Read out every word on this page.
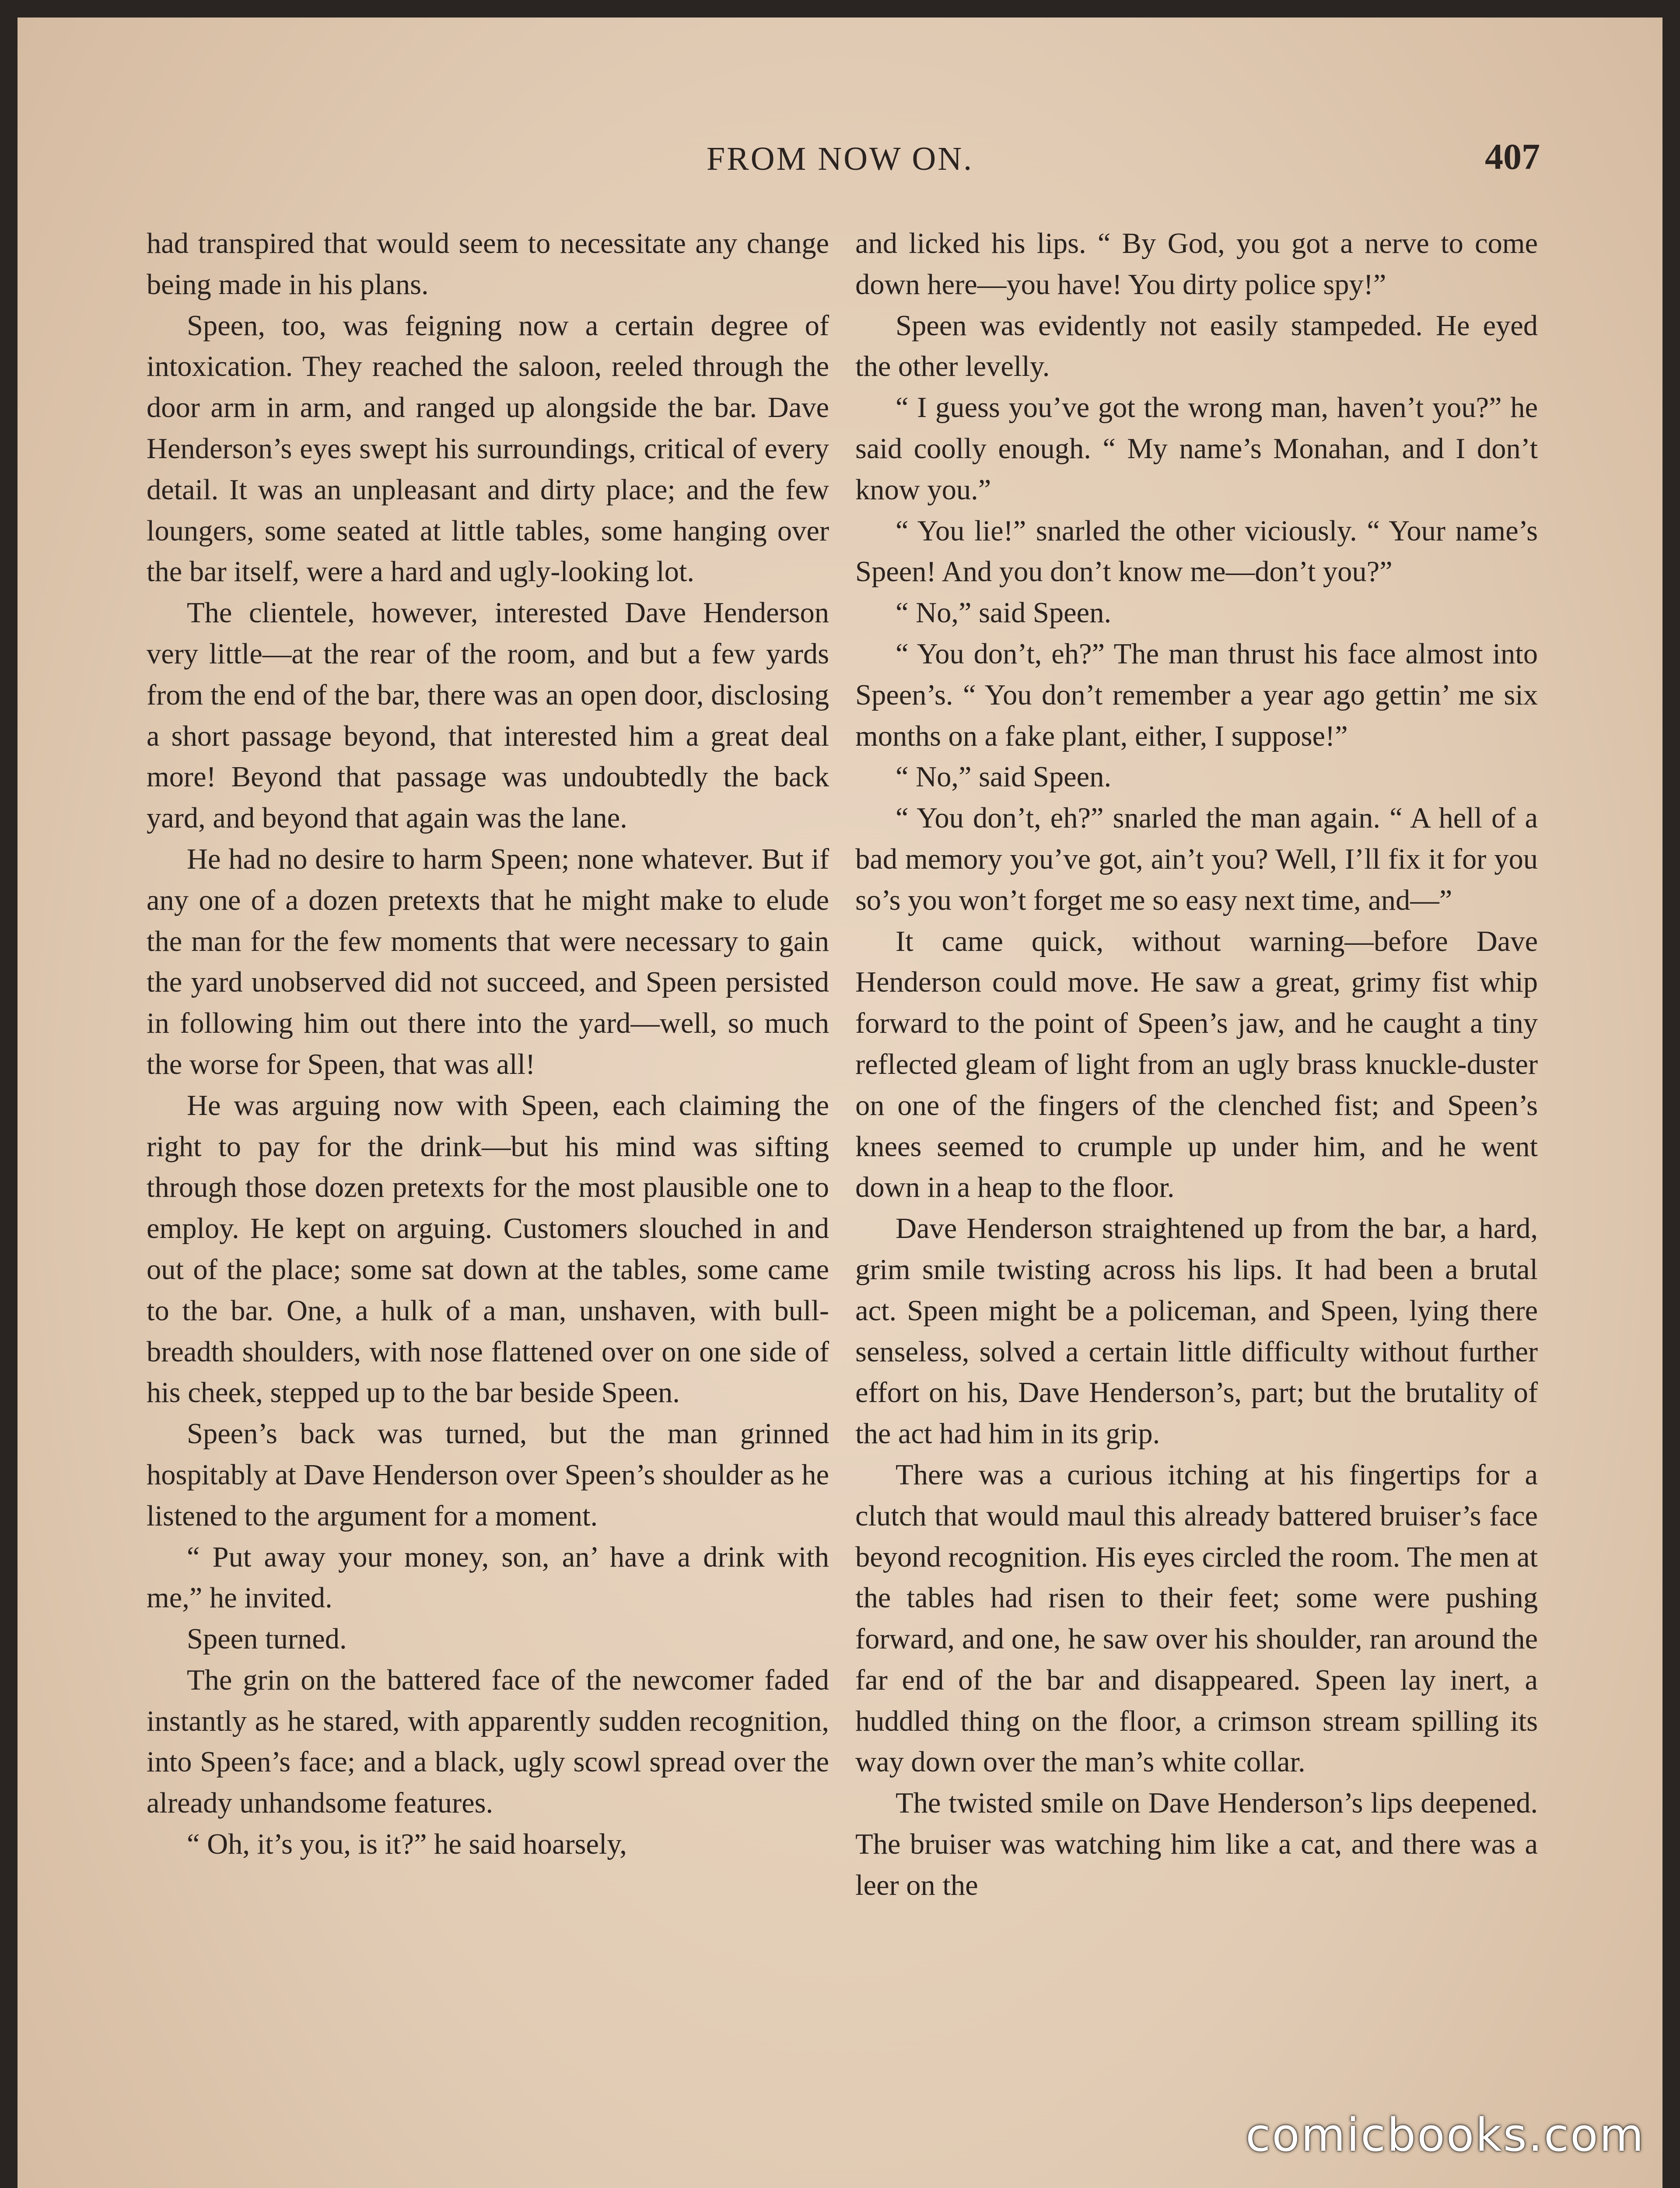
FROM NOW ON.	407

had transpired that would seem to necessitate any change being made in his plans.

Speen, too, was feigning now a certain degree of intoxication. They reached the saloon, reeled through the door arm in arm, and ranged up alongside the bar. Dave Henderson’s eyes swept his surroundings, critical of every detail. It was an unpleasant and dirty place; and the few loungers, some seated at little tables, some hanging over the bar itself, were a hard and ugly-looking lot.

The clientele, however, interested Dave Henderson very little—at the rear of the room, and but a few yards from the end of the bar, there was an open door, disclosing a short passage beyond, that interested him a great deal more! Beyond that passage was undoubtedly the back yard, and beyond that again was the lane.

He had no desire to harm Speen; none whatever. But if any one of a dozen pretexts that he might make to elude the man for the few moments that were necessary to gain the yard unobserved did not succeed, and Speen persisted in following him out there into the yard—well, so much the worse for Speen, that was all!

He was arguing now with Speen, each claiming the right to pay for the drink—but his mind was sifting through those dozen pretexts for the most plausible one to employ. He kept on arguing. Customers slouched in and out of the place; some sat down at the tables, some came to the bar. One, a hulk of a man, unshaven, with bull-breadth shoulders, with nose flattened over on one side of his cheek, stepped up to the bar beside Speen.

Speen’s back was turned, but the man grinned hospitably at Dave Henderson over Speen’s shoulder as he listened to the argument for a moment.

“ Put away your money, son, an’ have a drink with me,” he invited.

Speen turned.

The grin on the battered face of the newcomer faded instantly as he stared, with apparently sudden recognition, into Speen’s face; and a black, ugly scowl spread over the already unhandsome features.

“ Oh, it’s you, is it?” he said hoarsely,

and licked his lips. “ By God, you got a nerve to come down here—you have! You dirty police spy!”

Speen was evidently not easily stampeded. He eyed the other levelly.

“ I guess you’ve got the wrong man, haven’t you?” he said coolly enough. “ My name’s Monahan, and I don’t know you.”

“ You lie!” snarled the other viciously. “ Your name’s Speen! And you don’t know me—don’t you?”

“ No,” said Speen.

“ You don’t, eh?” The man thrust his face almost into Speen’s. “ You don’t remember a year ago gettin’ me six months on a fake plant, either, I suppose!”

“ No,” said Speen.

“ You don’t, eh?” snarled the man again. “ A hell of a bad memory you’ve got, ain’t you? Well, I’ll fix it for you so’s you won’t forget me so easy next time, and—”

It came quick, without warning—before Dave Henderson could move. He saw a great, grimy fist whip forward to the point of Speen’s jaw, and he caught a tiny reflected gleam of light from an ugly brass knuckle-duster on one of the fingers of the clenched fist; and Speen’s knees seemed to crumple up under him, and he went down in a heap to the floor.

Dave Henderson straightened up from the bar, a hard, grim smile twisting across his lips. It had been a brutal act. Speen might be a policeman, and Speen, lying there senseless, solved a certain little difficulty without further effort on his, Dave Henderson’s, part; but the brutality of the act had him in its grip.

There was a curious itching at his fingertips for a clutch that would maul this already battered bruiser’s face beyond recognition. His eyes circled the room. The men at the tables had risen to their feet; some were pushing forward, and one, he saw over his shoulder, ran around the far end of the bar and disappeared. Speen lay inert, a huddled thing on the floor, a crimson stream spilling its way down over the man’s white collar.

The twisted smile on Dave Henderson’s lips deepened. The bruiser was watching him like a cat, and there was a leer on the

comicbooks.com
